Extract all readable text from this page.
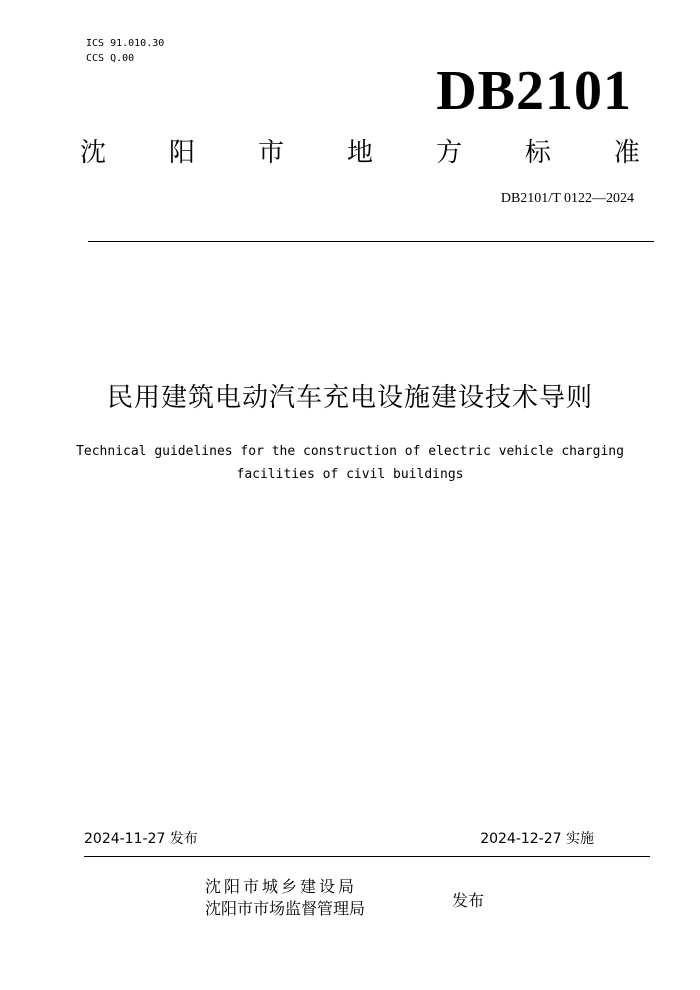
ICS 91.010.30
CCS Q.00
DB2101
沈 阳 市 地 方 标 准
DB2101/T 0122—2024
民用建筑电动汽车充电设施建设技术导则
Technical guidelines for the construction of electric vehicle charging
facilities of civil buildings
2024-11-27 发布	2024-12-27 实施
沈阳市城乡建设局
沈阳市市场监督管理局	发布
